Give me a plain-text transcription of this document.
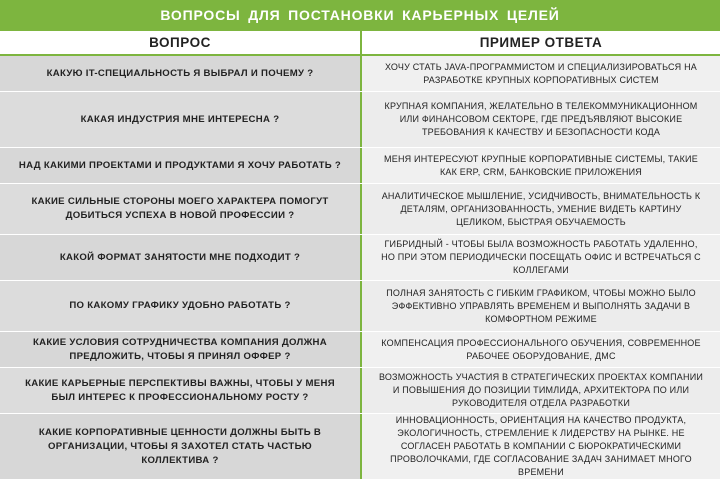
ВОПРОСЫ ДЛЯ ПОСТАНОВКИ КАРЬЕРНЫХ ЦЕЛЕЙ
ВОПРОС	ПРИМЕР ОТВЕТА
КАКУЮ IT-СПЕЦИАЛЬНОСТЬ Я ВЫБРАЛ И ПОЧЕМУ ?
ХОЧУ СТАТЬ JAVA-ПРОГРАММИСТОМ И СПЕЦИАЛИЗИРОВАТЬСЯ НА РАЗРАБОТКЕ КРУПНЫХ КОРПОРАТИВНЫХ СИСТЕМ
КАКАЯ ИНДУСТРИЯ МНЕ ИНТЕРЕСНА ?
КРУПНАЯ КОМПАНИЯ, ЖЕЛАТЕЛЬНО В ТЕЛЕКОММУНИКАЦИОННОМ ИЛИ ФИНАНСОВОМ СЕКТОРЕ, ГДЕ ПРЕДЪЯВЛЯЮТ ВЫСОКИЕ ТРЕБОВАНИЯ К КАЧЕСТВУ И БЕЗОПАСНОСТИ КОДА
НАД КАКИМИ ПРОЕКТАМИ И ПРОДУКТАМИ Я ХОЧУ РАБОТАТЬ ?
МЕНЯ ИНТЕРЕСУЮТ КРУПНЫЕ КОРПОРАТИВНЫЕ СИСТЕМЫ, ТАКИЕ КАК ERP, CRM, БАНКОВСКИЕ ПРИЛОЖЕНИЯ
КАКИЕ СИЛЬНЫЕ СТОРОНЫ МОЕГО ХАРАКТЕРА ПОМОГУТ ДОБИТЬСЯ УСПЕХА В НОВОЙ ПРОФЕССИИ ?
АНАЛИТИЧЕСКОЕ МЫШЛЕНИЕ, УСИДЧИВОСТЬ, ВНИМАТЕЛЬНОСТЬ К ДЕТАЛЯМ, ОРГАНИЗОВАННОСТЬ, УМЕНИЕ ВИДЕТЬ КАРТИНУ ЦЕЛИКОМ, БЫСТРАЯ ОБУЧАЕМОСТЬ
КАКОЙ ФОРМАТ ЗАНЯТОСТИ МНЕ ПОДХОДИТ ?
ГИБРИДНЫЙ - ЧТОБЫ БЫЛА ВОЗМОЖНОСТЬ РАБОТАТЬ УДАЛЕННО, НО ПРИ ЭТОМ ПЕРИОДИЧЕСКИ ПОСЕЩАТЬ ОФИС И ВСТРЕЧАТЬСЯ С КОЛЛЕГАМИ
ПО КАКОМУ ГРАФИКУ УДОБНО РАБОТАТЬ ?
ПОЛНАЯ ЗАНЯТОСТЬ С ГИБКИМ ГРАФИКОМ, ЧТОБЫ МОЖНО БЫЛО ЭФФЕКТИВНО УПРАВЛЯТЬ ВРЕМЕНЕМ И ВЫПОЛНЯТЬ ЗАДАЧИ В КОМФОРТНОМ РЕЖИМЕ
КАКИЕ УСЛОВИЯ СОТРУДНИЧЕСТВА КОМПАНИЯ ДОЛЖНА ПРЕДЛОЖИТЬ, ЧТОБЫ Я ПРИНЯЛ ОФФЕР ?
КОМПЕНСАЦИЯ ПРОФЕССИОНАЛЬНОГО ОБУЧЕНИЯ, СОВРЕМЕННОЕ РАБОЧЕЕ ОБОРУДОВАНИЕ, ДМС
КАКИЕ КАРЬЕРНЫЕ ПЕРСПЕКТИВЫ ВАЖНЫ, ЧТОБЫ У МЕНЯ БЫЛ ИНТЕРЕС К ПРОФЕССИОНАЛЬНОМУ РОСТУ ?
ВОЗМОЖНОСТЬ УЧАСТИЯ В СТРАТЕГИЧЕСКИХ ПРОЕКТАХ КОМПАНИИ И ПОВЫШЕНИЯ ДО ПОЗИЦИИ ТИМЛИДА, АРХИТЕКТОРА ПО ИЛИ РУКОВОДИТЕЛЯ ОТДЕЛА РАЗРАБОТКИ
КАКИЕ КОРПОРАТИВНЫЕ ЦЕННОСТИ ДОЛЖНЫ БЫТЬ В ОРГАНИЗАЦИИ, ЧТОБЫ Я ЗАХОТЕЛ СТАТЬ ЧАСТЬЮ КОЛЛЕКТИВА ?
ИННОВАЦИОННОСТЬ, ОРИЕНТАЦИЯ НА КАЧЕСТВО ПРОДУКТА, ЭКОЛОГИЧНОСТЬ, СТРЕМЛЕНИЕ К ЛИДЕРСТВУ НА РЫНКЕ. НЕ СОГЛАСЕН РАБОТАТЬ В КОМПАНИИ С БЮРОКРАТИЧЕСКИМИ ПРОВОЛОЧКАМИ, ГДЕ СОГЛАСОВАНИЕ ЗАДАЧ ЗАНИМАЕТ МНОГО ВРЕМЕНИ
